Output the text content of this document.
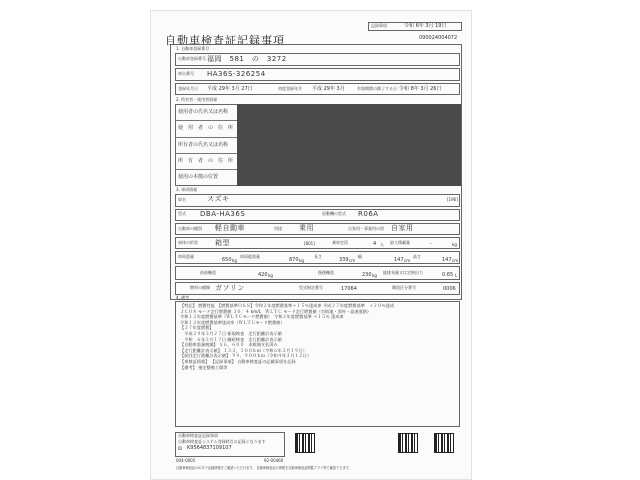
記録事項	令和 6年 3月 19日
自動車検査証記録事項	090024004072
1. 自動車登録番号
自動車登録番号 福岡　581　の　3272
車台番号 HA36S-326254
登録年月日 平成 29年 3月 27日	初度登録年月 平成 29年 3月	有効期間の満了する日 令和 8年 3月 26日
2. 所有者・使用者情報
使用者の氏名又は名称
使　用　者　の　住　所
所有者の氏名又は名称
所　有　者　の　住　所
使用の本拠の位置
3. 車両情報
車名	スズキ	[196]
型式 DBA-HA36S	原動機の型式 R06A
自動車の種別 軽自動車	用途 乗用	自家用・事業用の別 自家用
車体の形状 箱型	[801]	乗車定員	4 人 最大積載量	-	kg
車両重量
650 kg
車両総重量
870 kg
長さ
339 cm
幅
147 cm
高さ
147 cm
前前軸重	420 kg
後後軸重	230 kg
総排気量又は定格出力	0.65 L
燃料の種類 ガソリン	型式指定番号	17064	類別区分番号	0006
4. 備考
【特記】 燃費性能　【燃費基準ＯＳＳ】令和２年度燃費基準＋１５％達成車 平成２７年度燃費基準　＋２０％達成
ＪＣ０８ モード走行燃費値 ３０．４ km/L　ＷＬＴＣ モード走行燃費値（市街地・郊外・高速道路）
令和１２年度燃費基準（ＷＬＴＣモード燃費値）　令和２年度燃費基準 ＋１５％ 達成車
令和１２年度燃費基準達成率（ＷＬＴＣモード燃費値）
【２７年度燃費】
　平成２９年３月２７日 新規検査　走行距離計表示値
　令和　６年３月１７日 継続検査　走行距離計表示値
【自動車重量税額】 ￥６，６００　本税額支払済み
【走行距離計表示値】 １３３，５００ｋｍ（令和６年３月１９日）
【前回走行距離計表示値】 ９９，９００ｋｍ（令和４年３月１２日）
【車検証情報】 【記録事項】 自動車検査証の記載事項を記録
【備考】 指定整備工場等
自動車検査証記録事項
自動車検査証システム登録時点の記録となります
ID K9564837109107
004-0005	92-00460
自動車検査証のICタグ記録情報をご確認いただけます。 自動車検査証の情報を自動車検査証閲覧アプリ等で確認できます。
